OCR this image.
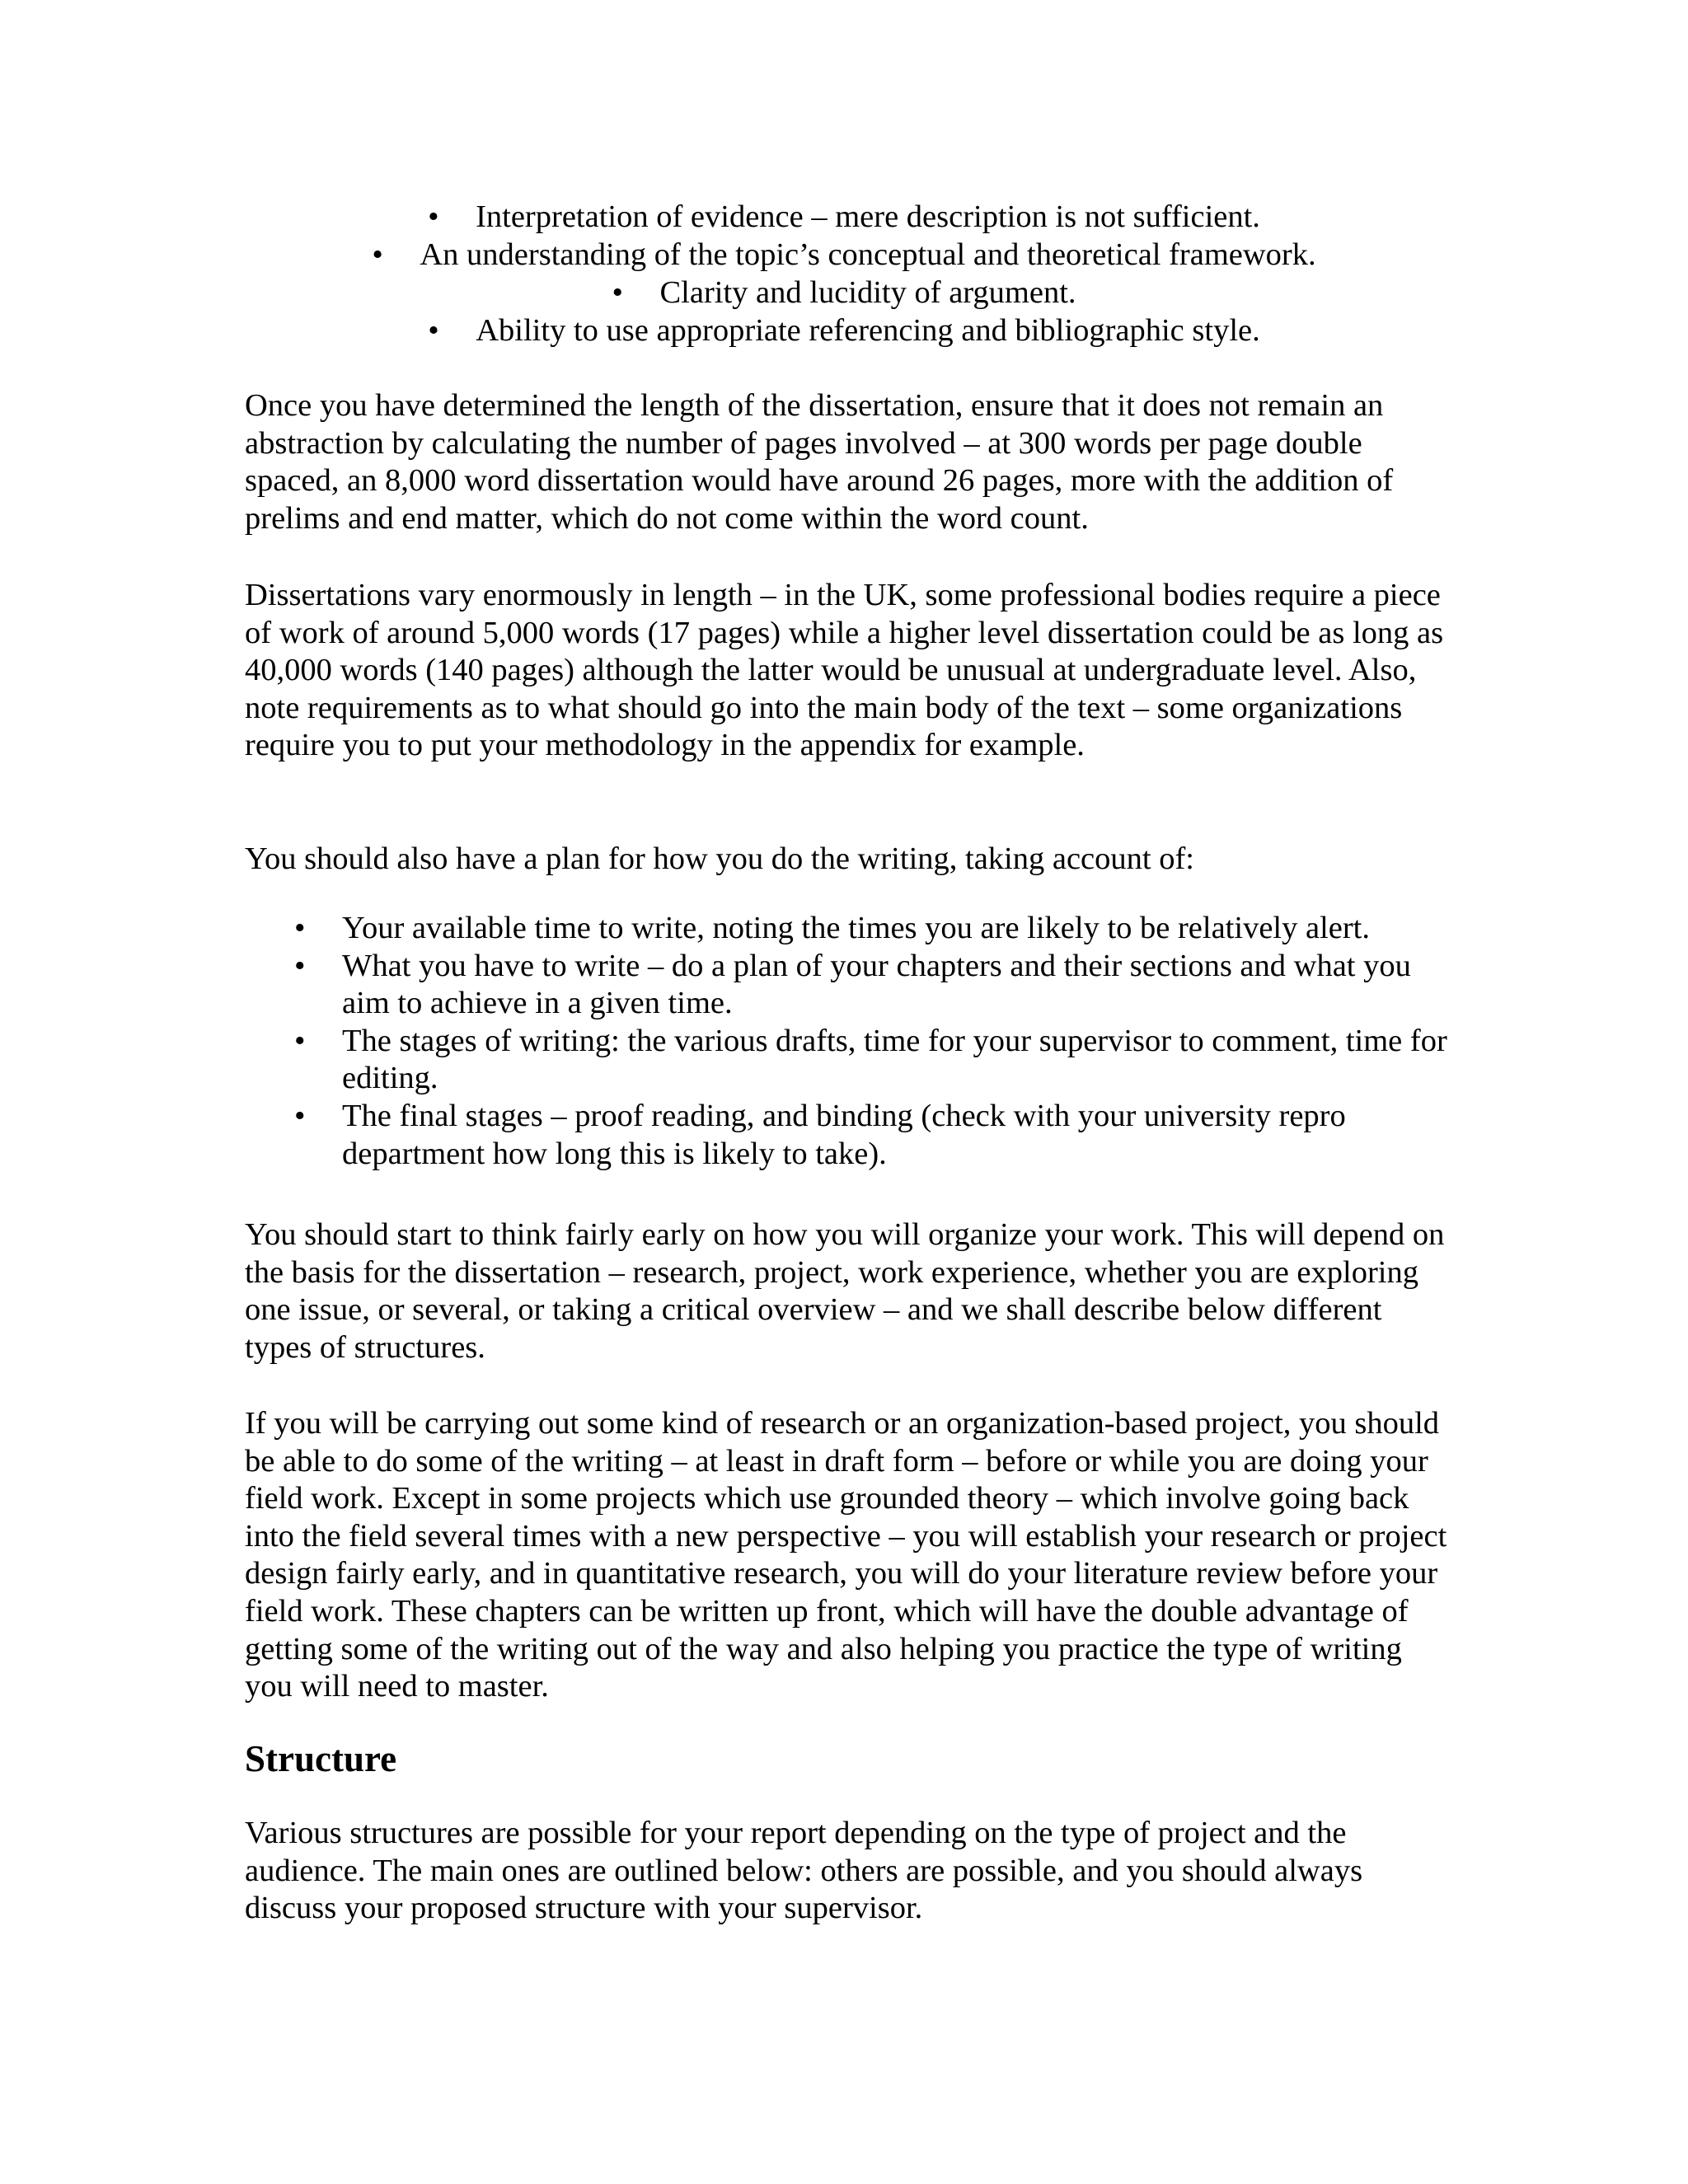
• Interpretation of evidence – mere description is not sufficient.
• An understanding of the topic’s conceptual and theoretical framework.
• Clarity and lucidity of argument.
• Ability to use appropriate referencing and bibliographic style.

Once you have determined the length of the dissertation, ensure that it does not remain an abstraction by calculating the number of pages involved – at 300 words per page double spaced, an 8,000 word dissertation would have around 26 pages, more with the addition of prelims and end matter, which do not come within the word count.

Dissertations vary enormously in length – in the UK, some professional bodies require a piece of work of around 5,000 words (17 pages) while a higher level dissertation could be as long as 40,000 words (140 pages) although the latter would be unusual at undergraduate level. Also, note requirements as to what should go into the main body of the text – some organizations require you to put your methodology in the appendix for example.

You should also have a plan for how you do the writing, taking account of:

• Your available time to write, noting the times you are likely to be relatively alert.
• What you have to write – do a plan of your chapters and their sections and what you aim to achieve in a given time.
• The stages of writing: the various drafts, time for your supervisor to comment, time for editing.
• The final stages – proof reading, and binding (check with your university repro department how long this is likely to take).

You should start to think fairly early on how you will organize your work. This will depend on the basis for the dissertation – research, project, work experience, whether you are exploring one issue, or several, or taking a critical overview – and we shall describe below different types of structures.

If you will be carrying out some kind of research or an organization-based project, you should be able to do some of the writing – at least in draft form – before or while you are doing your field work. Except in some projects which use grounded theory – which involve going back into the field several times with a new perspective – you will establish your research or project design fairly early, and in quantitative research, you will do your literature review before your field work. These chapters can be written up front, which will have the double advantage of getting some of the writing out of the way and also helping you practice the type of writing you will need to master.

Structure

Various structures are possible for your report depending on the type of project and the audience. The main ones are outlined below: others are possible, and you should always discuss your proposed structure with your supervisor.
